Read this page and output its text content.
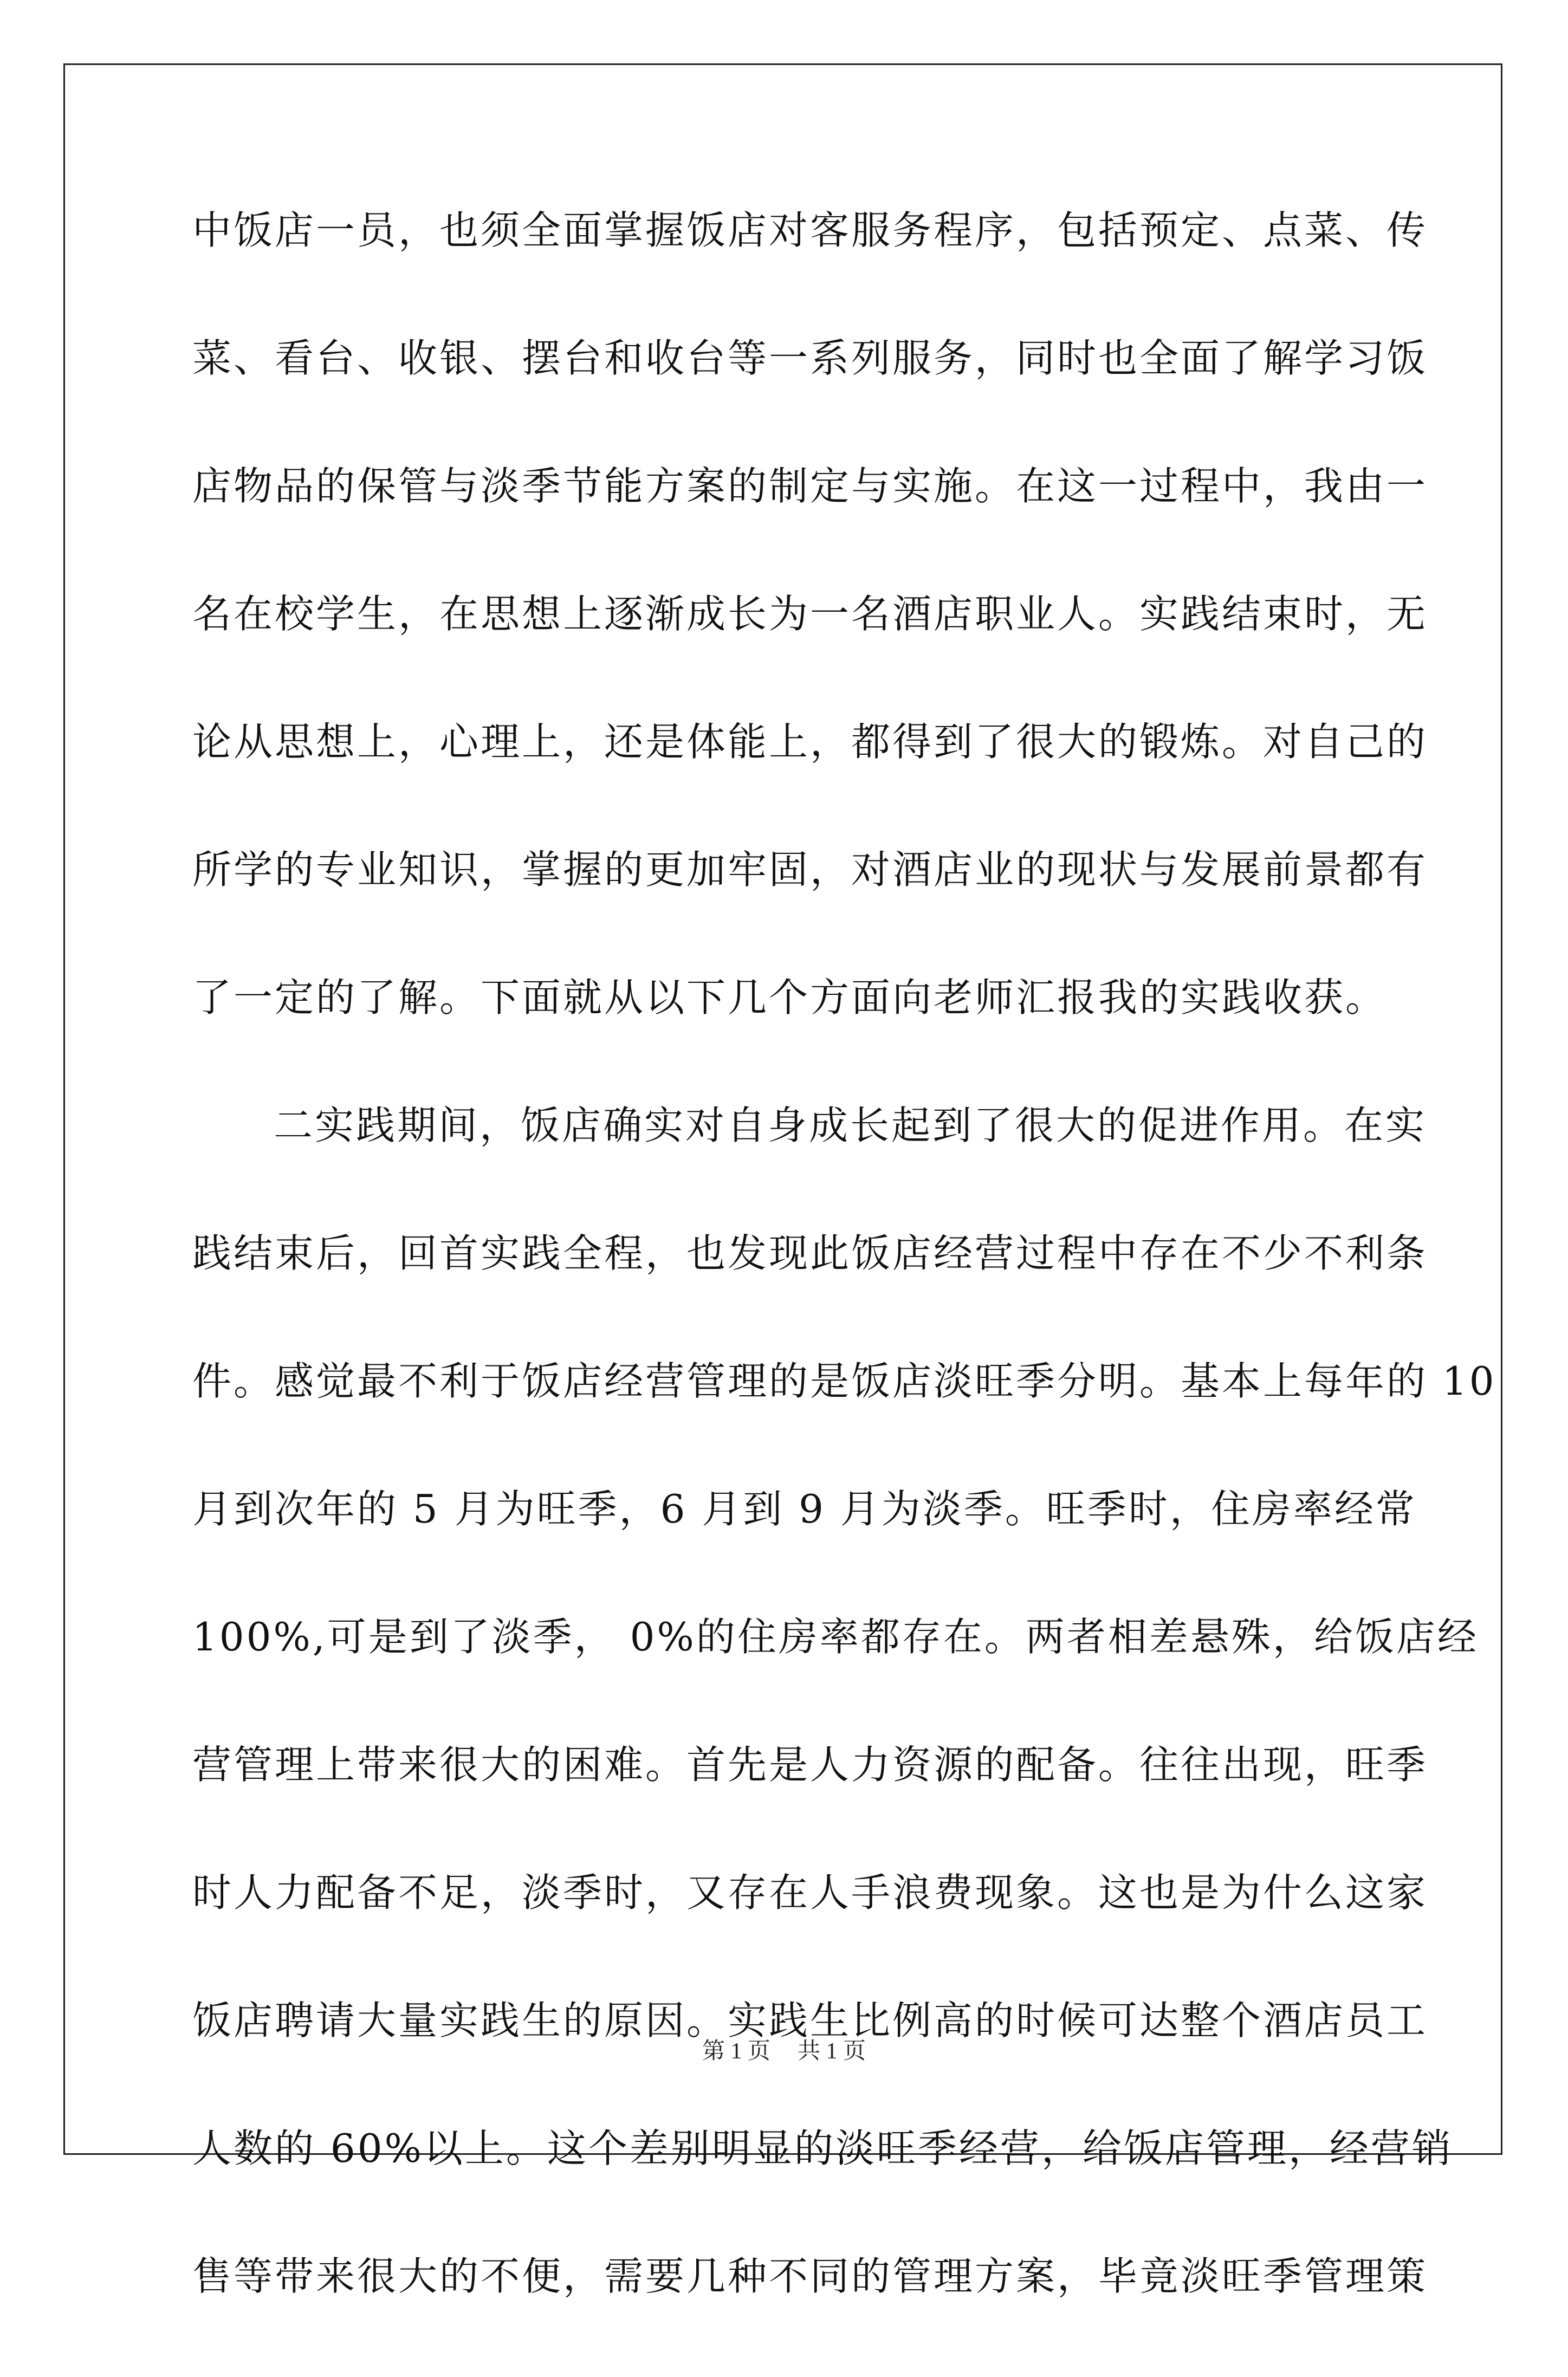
中饭店一员，也须全面掌握饭店对客服务程序，包括预定、点菜、传
菜、看台、收银、摆台和收台等一系列服务，同时也全面了解学习饭
店物品的保管与淡季节能方案的制定与实施。在这一过程中，我由一
名在校学生，在思想上逐渐成长为一名酒店职业人。实践结束时，无
论从思想上，心理上，还是体能上，都得到了很大的锻炼。对自己的
所学的专业知识，掌握的更加牢固，对酒店业的现状与发展前景都有
了一定的了解。下面就从以下几个方面向老师汇报我的实践收获。
二实践期间，饭店确实对自身成长起到了很大的促进作用。在实
践结束后，回首实践全程，也发现此饭店经营过程中存在不少不利条
件。感觉最不利于饭店经营管理的是饭店淡旺季分明。基本上每年的 10
月到次年的 5 月为旺季，6 月到 9 月为淡季。旺季时，住房率经常
100%,可是到了淡季， 0%的住房率都存在。两者相差悬殊，给饭店经
营管理上带来很大的困难。首先是人力资源的配备。往往出现，旺季
时人力配备不足，淡季时，又存在人手浪费现象。这也是为什么这家
饭店聘请大量实践生的原因。实践生比例高的时候可达整个酒店员工
人数的 60%以上。这个差别明显的淡旺季经营，给饭店管理，经营销
售等带来很大的不便，需要几种不同的管理方案，毕竟淡旺季管理策
第 1 页 共 1 页
